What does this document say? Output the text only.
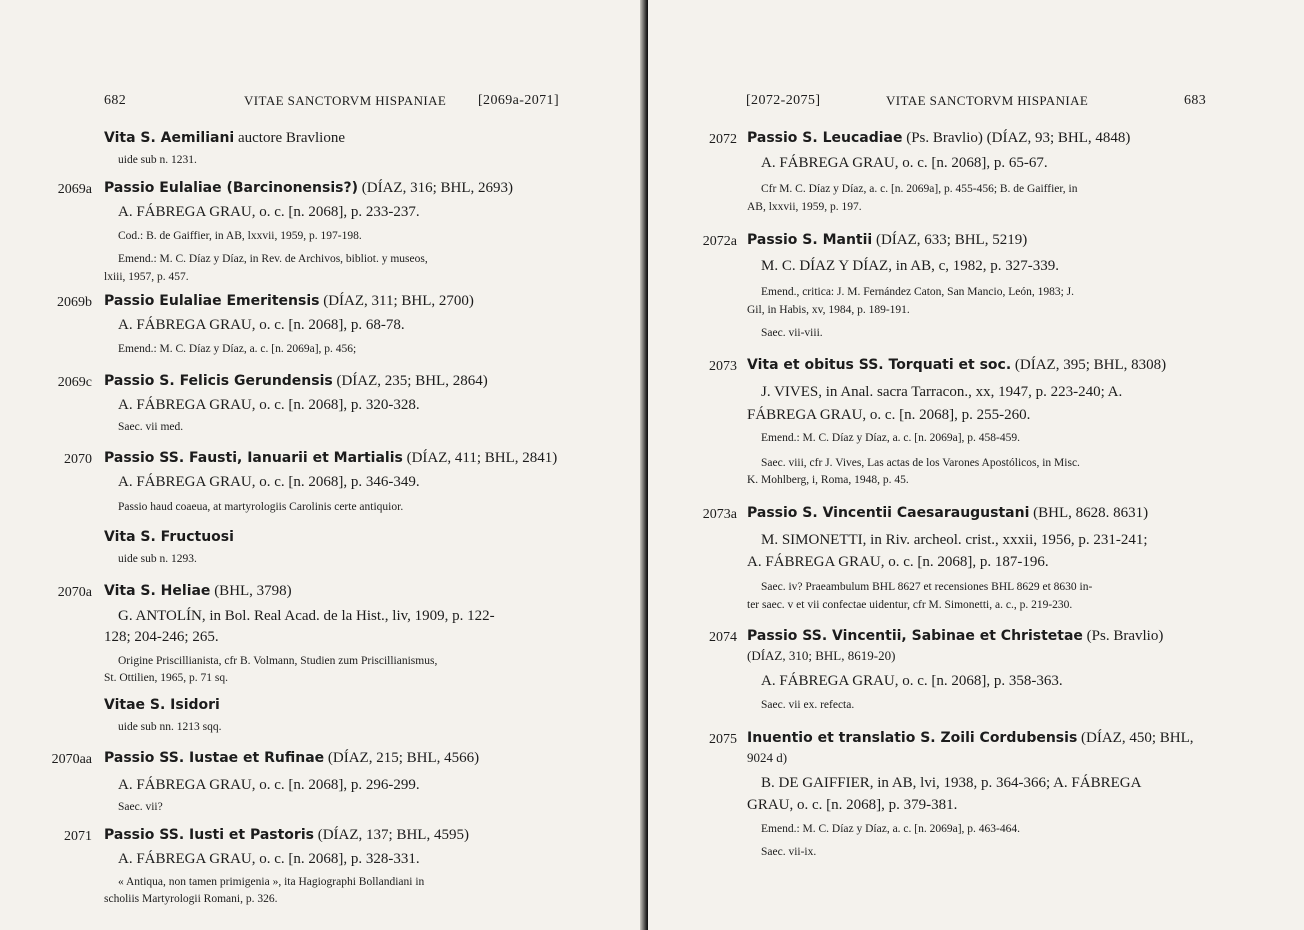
682	VITAE SANCTORVM HISPANIAE [2069a-2071]
Vita S. Aemiliani auctore Bravlione
uide sub n. 1231.
2069a Passio Eulaliae (Barcinonensis?) (DÍAZ, 316; BHL, 2693)
A. FÁBREGA GRAU, o. c. [n. 2068], p. 233-237.
Cod.: B. de Gaiffier, in AB, lxxvii, 1959, p. 197-198.
Emend.: M. C. Díaz y Díaz, in Rev. de Archivos, bibliot. y museos,
lxiii, 1957, p. 457.
2069b Passio Eulaliae Emeritensis (DÍAZ, 311; BHL, 2700)
A. FÁBREGA GRAU, o. c. [n. 2068], p. 68-78.
Emend.: M. C. Díaz y Díaz, a. c. [n. 2069a], p. 456;
2069c Passio S. Felicis Gerundensis (DÍAZ, 235; BHL, 2864)
A. FÁBREGA GRAU, o. c. [n. 2068], p. 320-328.
Saec. vii med.
2070 Passio SS. Fausti, Ianuarii et Martialis (DÍAZ, 411; BHL, 2841)
A. FÁBREGA GRAU, o. c. [n. 2068], p. 346-349.
Passio haud coaeua, at martyrologiis Carolinis certe antiquior.
Vita S. Fructuosi
uide sub n. 1293.
2070a Vita S. Heliae (BHL, 3798)
G. ANTOLÍN, in Bol. Real Acad. de la Hist., liv, 1909, p. 122-
128; 204-246; 265.
Origine Priscillianista, cfr B. Volmann, Studien zum Priscillianismus,
St. Ottilien, 1965, p. 71 sq.
Vitae S. Isidori
uide sub nn. 1213 sqq.
2070aa Passio SS. Iustae et Rufinae (DÍAZ, 215; BHL, 4566)
A. FÁBREGA GRAU, o. c. [n. 2068], p. 296-299.
Saec. vii?
2071 Passio SS. Iusti et Pastoris (DÍAZ, 137; BHL, 4595)
A. FÁBREGA GRAU, o. c. [n. 2068], p. 328-331.
« Antiqua, non tamen primigenia », ita Hagiographi Bollandiani in
scholiis Martyrologii Romani, p. 326.
[2072-2075]	VITAE SANCTORVM HISPANIAE	683
2072 Passio S. Leucadiae (Ps. Bravlio) (DÍAZ, 93; BHL, 4848)
A. FÁBREGA GRAU, o. c. [n. 2068], p. 65-67.
Cfr M. C. Díaz y Díaz, a. c. [n. 2069a], p. 455-456; B. de Gaiffier, in
AB, lxxvii, 1959, p. 197.
2072a Passio S. Mantii (DÍAZ, 633; BHL, 5219)
M. C. DÍAZ Y DÍAZ, in AB, c, 1982, p. 327-339.
Emend., critica: J. M. Fernández Caton, San Mancio, León, 1983; J.
Gil, in Habis, xv, 1984, p. 189-191.
Saec. vii-viii.
2073 Vita et obitus SS. Torquati et soc. (DÍAZ, 395; BHL, 8308)
J. VIVES, in Anal. sacra Tarracon., xx, 1947, p. 223-240; A.
FÁBREGA GRAU, o. c. [n. 2068], p. 255-260.
Emend.: M. C. Díaz y Díaz, a. c. [n. 2069a], p. 458-459.
Saec. viii, cfr J. Vives, Las actas de los Varones Apostólicos, in Misc.
K. Mohlberg, i, Roma, 1948, p. 45.
2073a Passio S. Vincentii Caesaraugustani (BHL, 8628. 8631)
M. SIMONETTI, in Riv. archeol. crist., xxxii, 1956, p. 231-241;
A. FÁBREGA GRAU, o. c. [n. 2068], p. 187-196.
Saec. iv? Praeambulum BHL 8627 et recensiones BHL 8629 et 8630 in-
ter saec. v et vii confectae uidentur, cfr M. Simonetti, a. c., p. 219-230.
2074 Passio SS. Vincentii, Sabinae et Christetae (Ps. Bravlio)
(DÍAZ, 310; BHL, 8619-20)
A. FÁBREGA GRAU, o. c. [n. 2068], p. 358-363.
Saec. vii ex. refecta.
2075 Inuentio et translatio S. Zoili Cordubensis (DÍAZ, 450; BHL,
9024 d)
B. DE GAIFFIER, in AB, lvi, 1938, p. 364-366; A. FÁBREGA
GRAU, o. c. [n. 2068], p. 379-381.
Emend.: M. C. Díaz y Díaz, a. c. [n. 2069a], p. 463-464.
Saec. vii-ix.
